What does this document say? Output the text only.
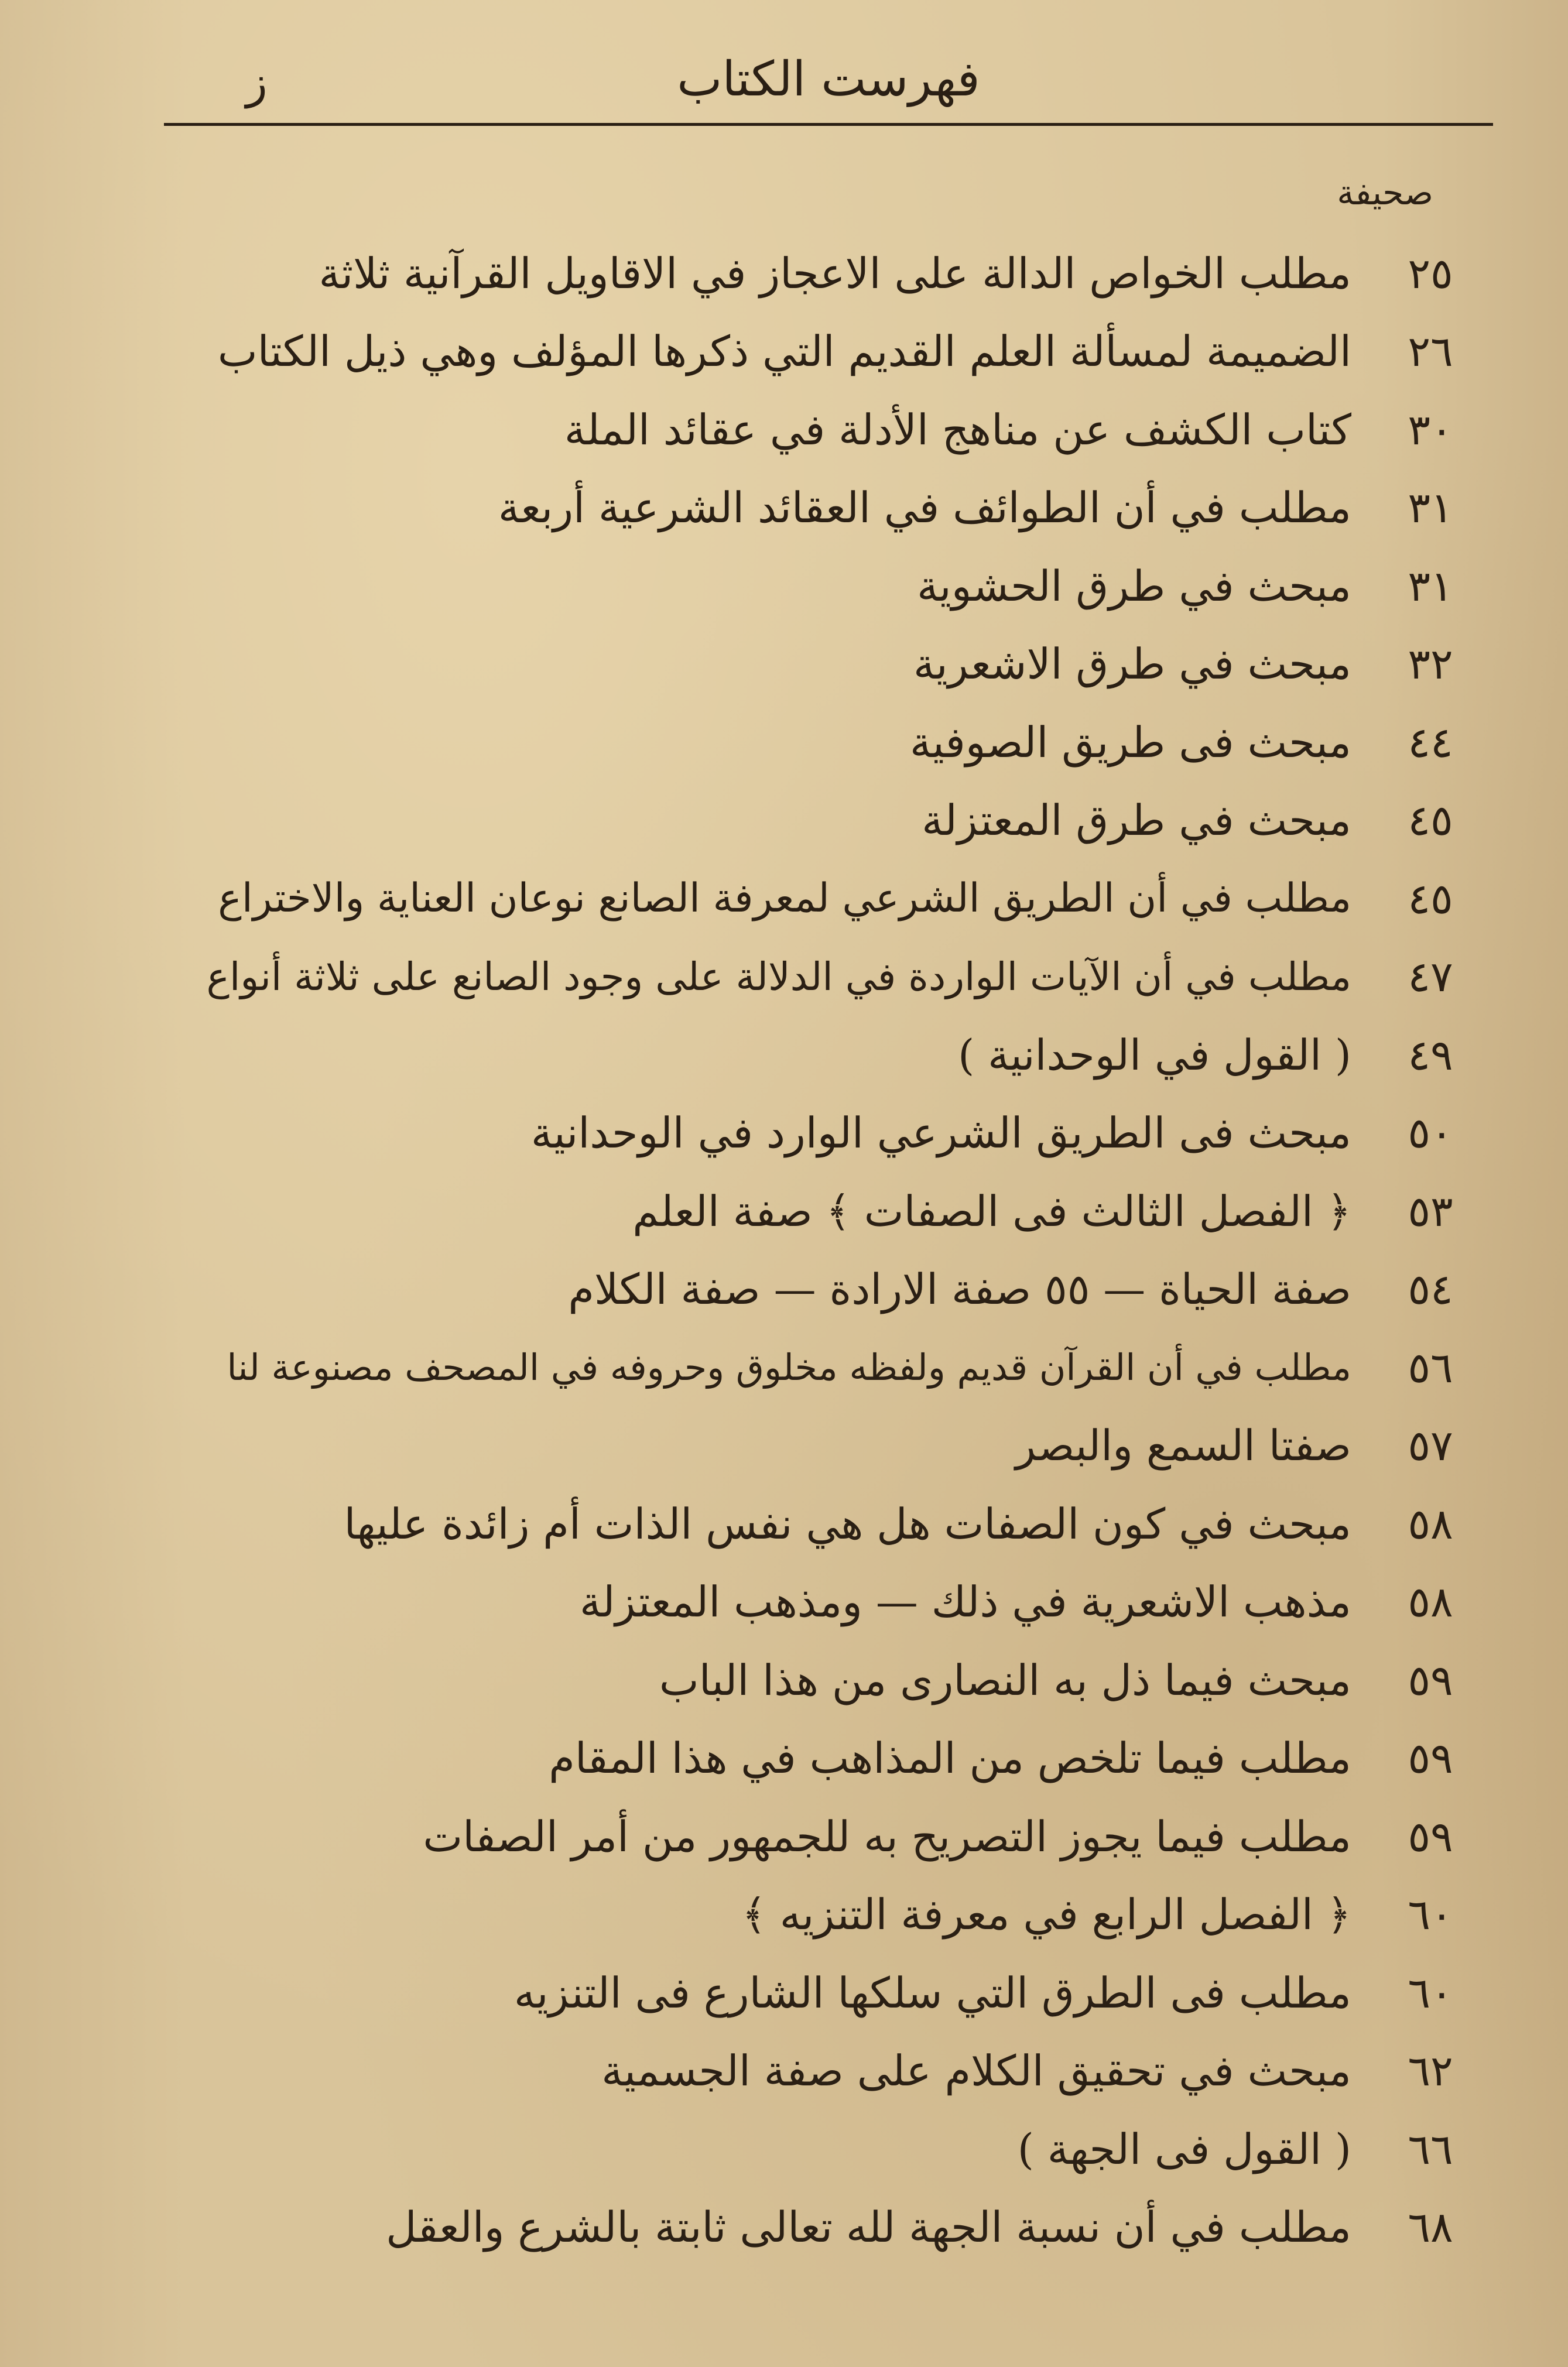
فهرست الكتاب
ز
صحيفة
٢٥
مطلب الخواص الدالة على الاعجاز في الاقاويل القرآنية ثلاثة
٢٦
الضميمة لمسألة العلم القديم التي ذكرها المؤلف وهي ذيل الكتاب
٣٠
كتاب الكشف عن مناهج الأدلة في عقائد الملة
٣١
مطلب في أن الطوائف في العقائد الشرعية أربعة
٣١
مبحث في طرق الحشوية
٣٢
مبحث في طرق الاشعرية
٤٤
مبحث فى طريق الصوفية
٤٥
مبحث في طرق المعتزلة
٤٥
مطلب في أن الطريق الشرعي لمعرفة الصانع نوعان العناية والاختراع
٤٧
مطلب في أن الآيات الواردة في الدلالة على وجود الصانع على ثلاثة أنواع
٤٩
( القول في الوحدانية )
٥٠
مبحث فى الطريق الشرعي الوارد في الوحدانية
٥٣
﴿ الفصل الثالث فى الصفات ﴾ صفة العلم
٥٤
صفة الحياة — ٥٥ صفة الارادة — صفة الكلام
٥٦
مطلب في أن القرآن قديم ولفظه مخلوق وحروفه في المصحف مصنوعة لنا
٥٧
صفتا السمع والبصر
٥٨
مبحث في كون الصفات هل هي نفس الذات أم زائدة عليها
٥٨
مذهب الاشعرية في ذلك — ومذهب المعتزلة
٥٩
مبحث فيما ذل به النصارى من هذا الباب
٥٩
مطلب فيما تلخص من المذاهب في هذا المقام
٥٩
مطلب فيما يجوز التصريح به للجمهور من أمر الصفات
٦٠
﴿ الفصل الرابع في معرفة التنزيه ﴾
٦٠
مطلب فى الطرق التي سلكها الشارع فى التنزيه
٦٢
مبحث في تحقيق الكلام على صفة الجسمية
٦٦
( القول فى الجهة )
٦٨
مطلب في أن نسبة الجهة لله تعالى ثابتة بالشرع والعقل
